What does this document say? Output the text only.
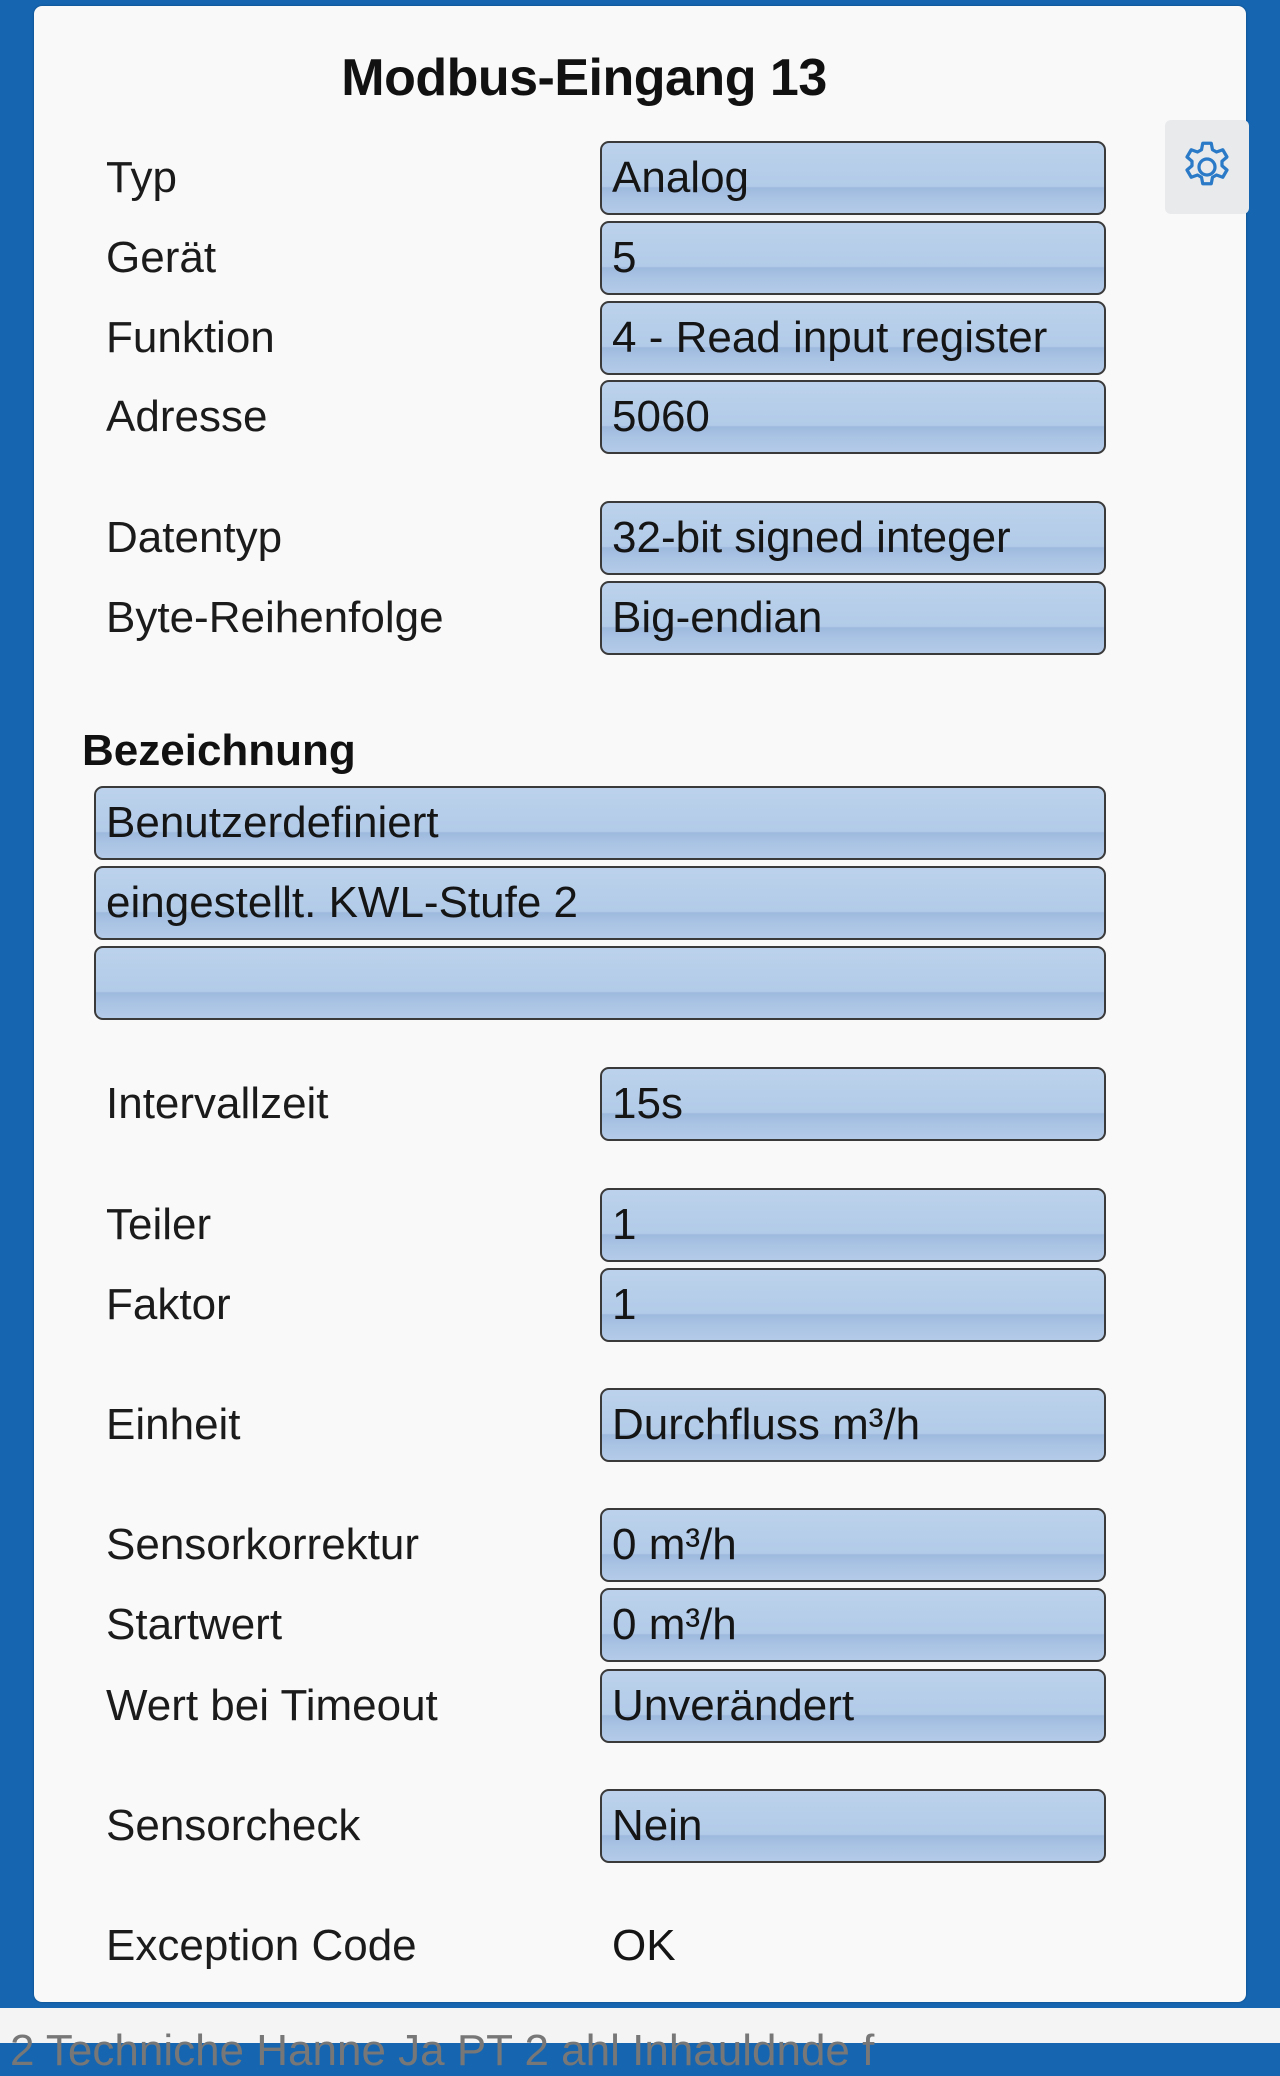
Modbus-Eingang 13
Typ	Analog
Gerät	5
Funktion	4 - Read input register
Adresse	5060
Datentyp	32-bit signed integer
Byte-Reihenfolge	Big-endian
Bezeichnung
Benutzerdefiniert
eingestellt. KWL-Stufe 2
Intervallzeit	15s
Teiler	1
Faktor	1
Einheit	Durchfluss m³/h
Sensorkorrektur	0 m³/h
Startwert	0 m³/h
Wert bei Timeout	Unverändert
Sensorcheck	Nein
Exception Code	OK
2 Techniche Hanne Ja PT 2 ahl Inhauldnde f
